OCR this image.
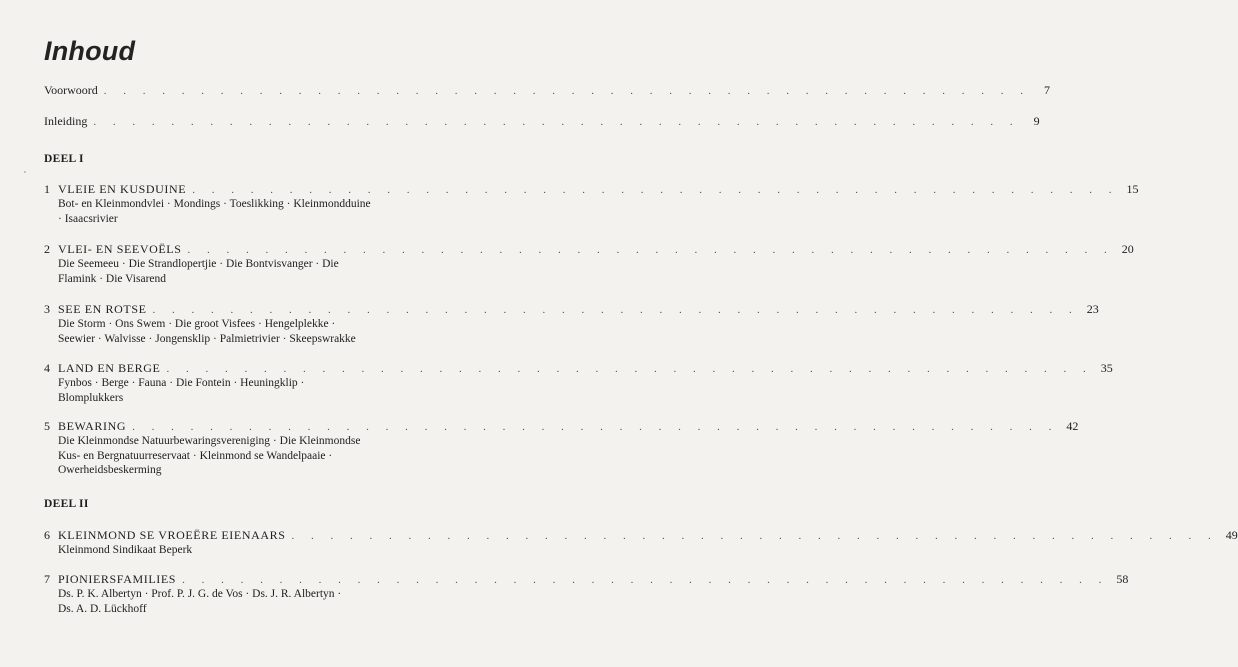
Inhoud
Voorwoord . . . . . . . . . . . . . . . . . . . . . . . . . . . . . . . . . . . . . . . . . . . . . . . .	7
Inleiding . . . . . . . . . . . . . . . . . . . . . . . . . . . . . . . . . . . . . . . . . . . . . . . .	9
DEEL I
1 VLEIE EN KUSDUINE . . . . . . . . . . . . . . . . . . . . . . . . . . . . . . . . . . . . . . . . . . . . . . . . 15
Bot- en Kleinmondvlei · Mondings · Toeslikking · Kleinmondduine
· Isaacsrivier
2 VLEI- EN SEEVOËLS . . . . . . . . . . . . . . . . . . . . . . . . . . . . . . . . . . . . . . . . . . . . . . . . 20
Die Seemeeu · Die Strandlopertjie · Die Bontvisvanger · Die
Flamink · Die Visarend
3 SEE EN ROTSE . . . . . . . . . . . . . . . . . . . . . . . . . . . . . . . . . . . . . . . . . . . . . . . . 23
Die Storm · Ons Swem · Die groot Visfees · Hengelplekke ·
Seewier · Walvisse · Jongensklip · Palmietrivier · Skeepswrakke
4 LAND EN BERGE . . . . . . . . . . . . . . . . . . . . . . . . . . . . . . . . . . . . . . . . . . . . . . . . 35
Fynbos · Berge · Fauna · Die Fontein · Heuningklip ·
Blomplukkers
5 BEWARING . . . . . . . . . . . . . . . . . . . . . . . . . . . . . . . . . . . . . . . . . . . . . . . . 42
Die Kleinmondse Natuurbewaringsvereniging · Die Kleinmondse
Kus- en Bergnatuurreservaat · Kleinmond se Wandelpaaie ·
Owerheidsbeskerming
DEEL II
6 KLEINMOND SE VROEËRE EIENAARS . . . . . . . . . . . . . . . . . . . . . . . . . . . . . . . . . . . . . . . . . . . . . . . . 49
Kleinmond Sindikaat Beperk
7 PIONIERSFAMILIES . . . . . . . . . . . . . . . . . . . . . . . . . . . . . . . . . . . . . . . . . . . . . . . . 58
Ds. P. K. Albertyn · Prof. P. J. G. de Vos · Ds. J. R. Albertyn ·
Ds. A. D. Lückhoff
